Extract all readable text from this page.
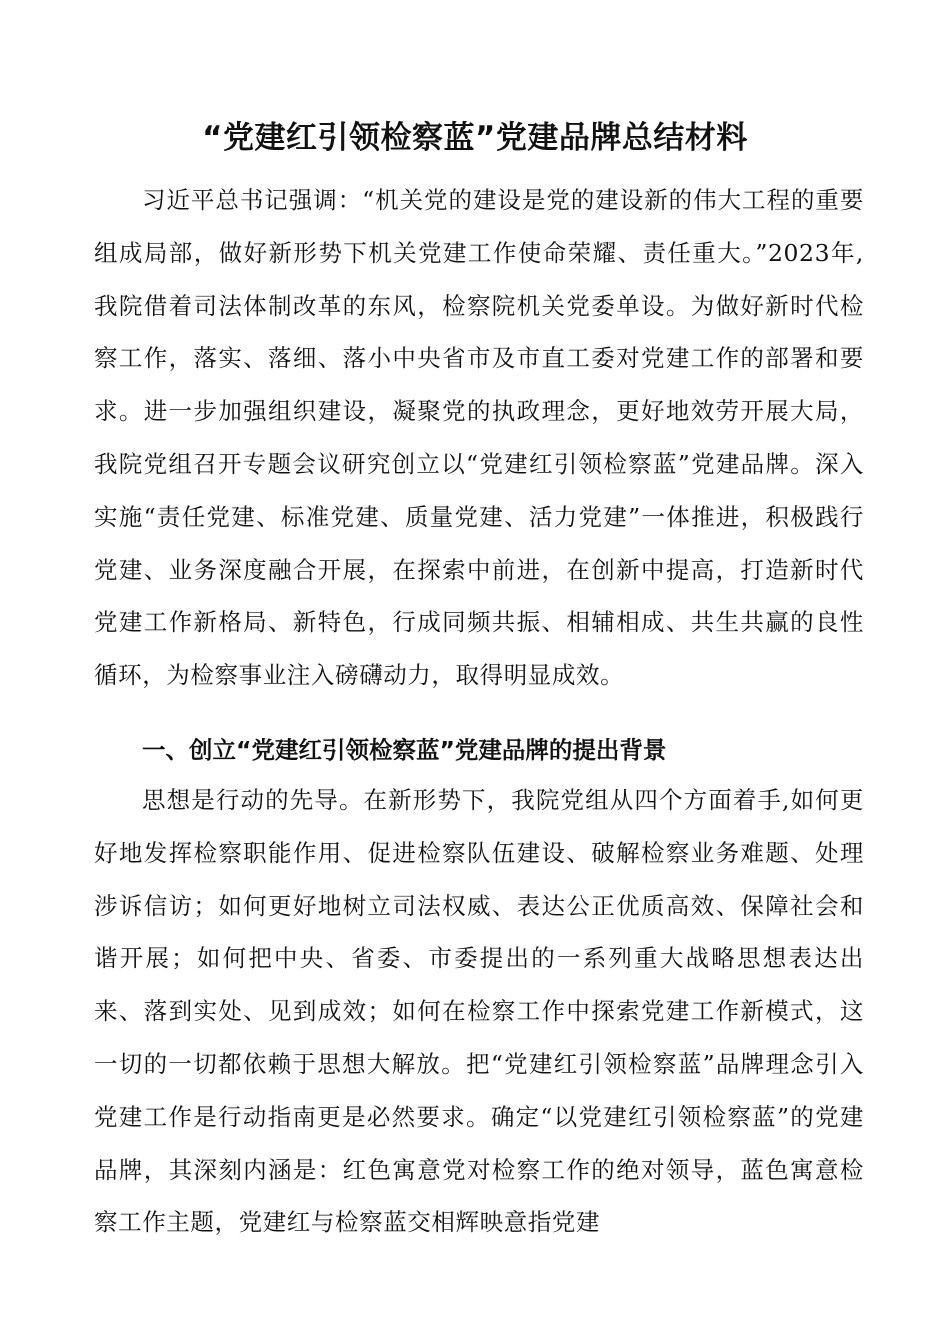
“党建红引领检察蓝”党建品牌总结材料

习近平总书记强调：“机关党的建设是党的建设新的伟大工程的重要组成局部，做好新形势下机关党建工作使命荣耀、责任重大。”2023年,我院借着司法体制改革的东风，检察院机关党委单设。为做好新时代检察工作，落实、落细、落小中央省市及市直工委对党建工作的部署和要求。进一步加强组织建设，凝聚党的执政理念，更好地效劳开展大局，我院党组召开专题会议研究创立以“党建红引领检察蓝”党建品牌。深入实施“责任党建、标准党建、质量党建、活力党建”一体推进，积极践行党建、业务深度融合开展，在探索中前进，在创新中提高，打造新时代党建工作新格局、新特色，行成同频共振、相辅相成、共生共赢的良性循环，为检察事业注入磅礴动力，取得明显成效。

一、创立“党建红引领检察蓝”党建品牌的提出背景

思想是行动的先导。在新形势下，我院党组从四个方面着手,如何更好地发挥检察职能作用、促进检察队伍建设、破解检察业务难题、处理涉诉信访；如何更好地树立司法权威、表达公正优质高效、保障社会和谐开展；如何把中央、省委、市委提出的一系列重大战略思想表达出来、落到实处、见到成效；如何在检察工作中探索党建工作新模式，这一切的一切都依赖于思想大解放。把“党建红引领检察蓝”品牌理念引入党建工作是行动指南更是必然要求。确定“以党建红引领检察蓝”的党建品牌，其深刻内涵是：红色寓意党对检察工作的绝对领导，蓝色寓意检察工作主题，党建红与检察蓝交相辉映意指党建
